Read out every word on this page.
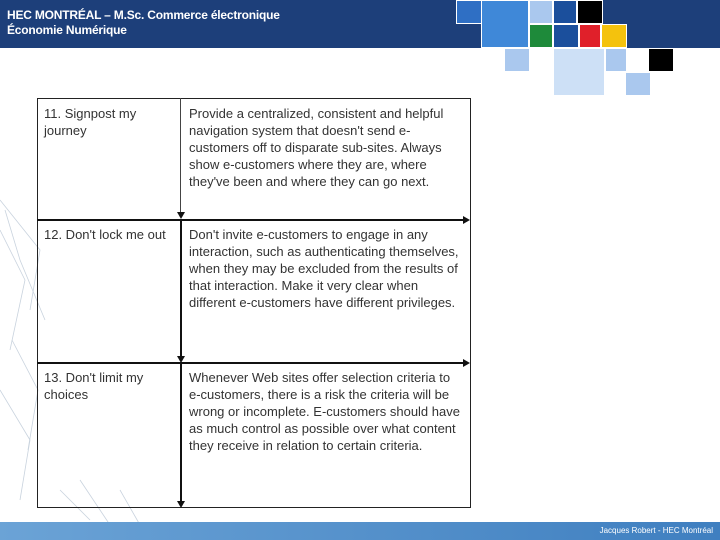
HEC MONTRÉAL – M.Sc. Commerce électronique
Économie Numérique
11. Signpost my journey
Provide a centralized, consistent and helpful navigation system that doesn't send e-customers off to disparate sub-sites. Always show e-customers where they are, where they've been and where they can go next.
12. Don't lock me out	Don't invite e-customers to engage in any interaction, such as authenticating themselves, when they may be excluded from the results of that interaction. Make it very clear when different e-customers have different privileges.
13. Don't limit my choices
Whenever Web sites offer selection criteria to e-customers, there is a risk the criteria will be wrong or incomplete. E-customers should have as much control as possible over what content they receive in relation to certain criteria.
Jacques Robert - HEC Montréal
